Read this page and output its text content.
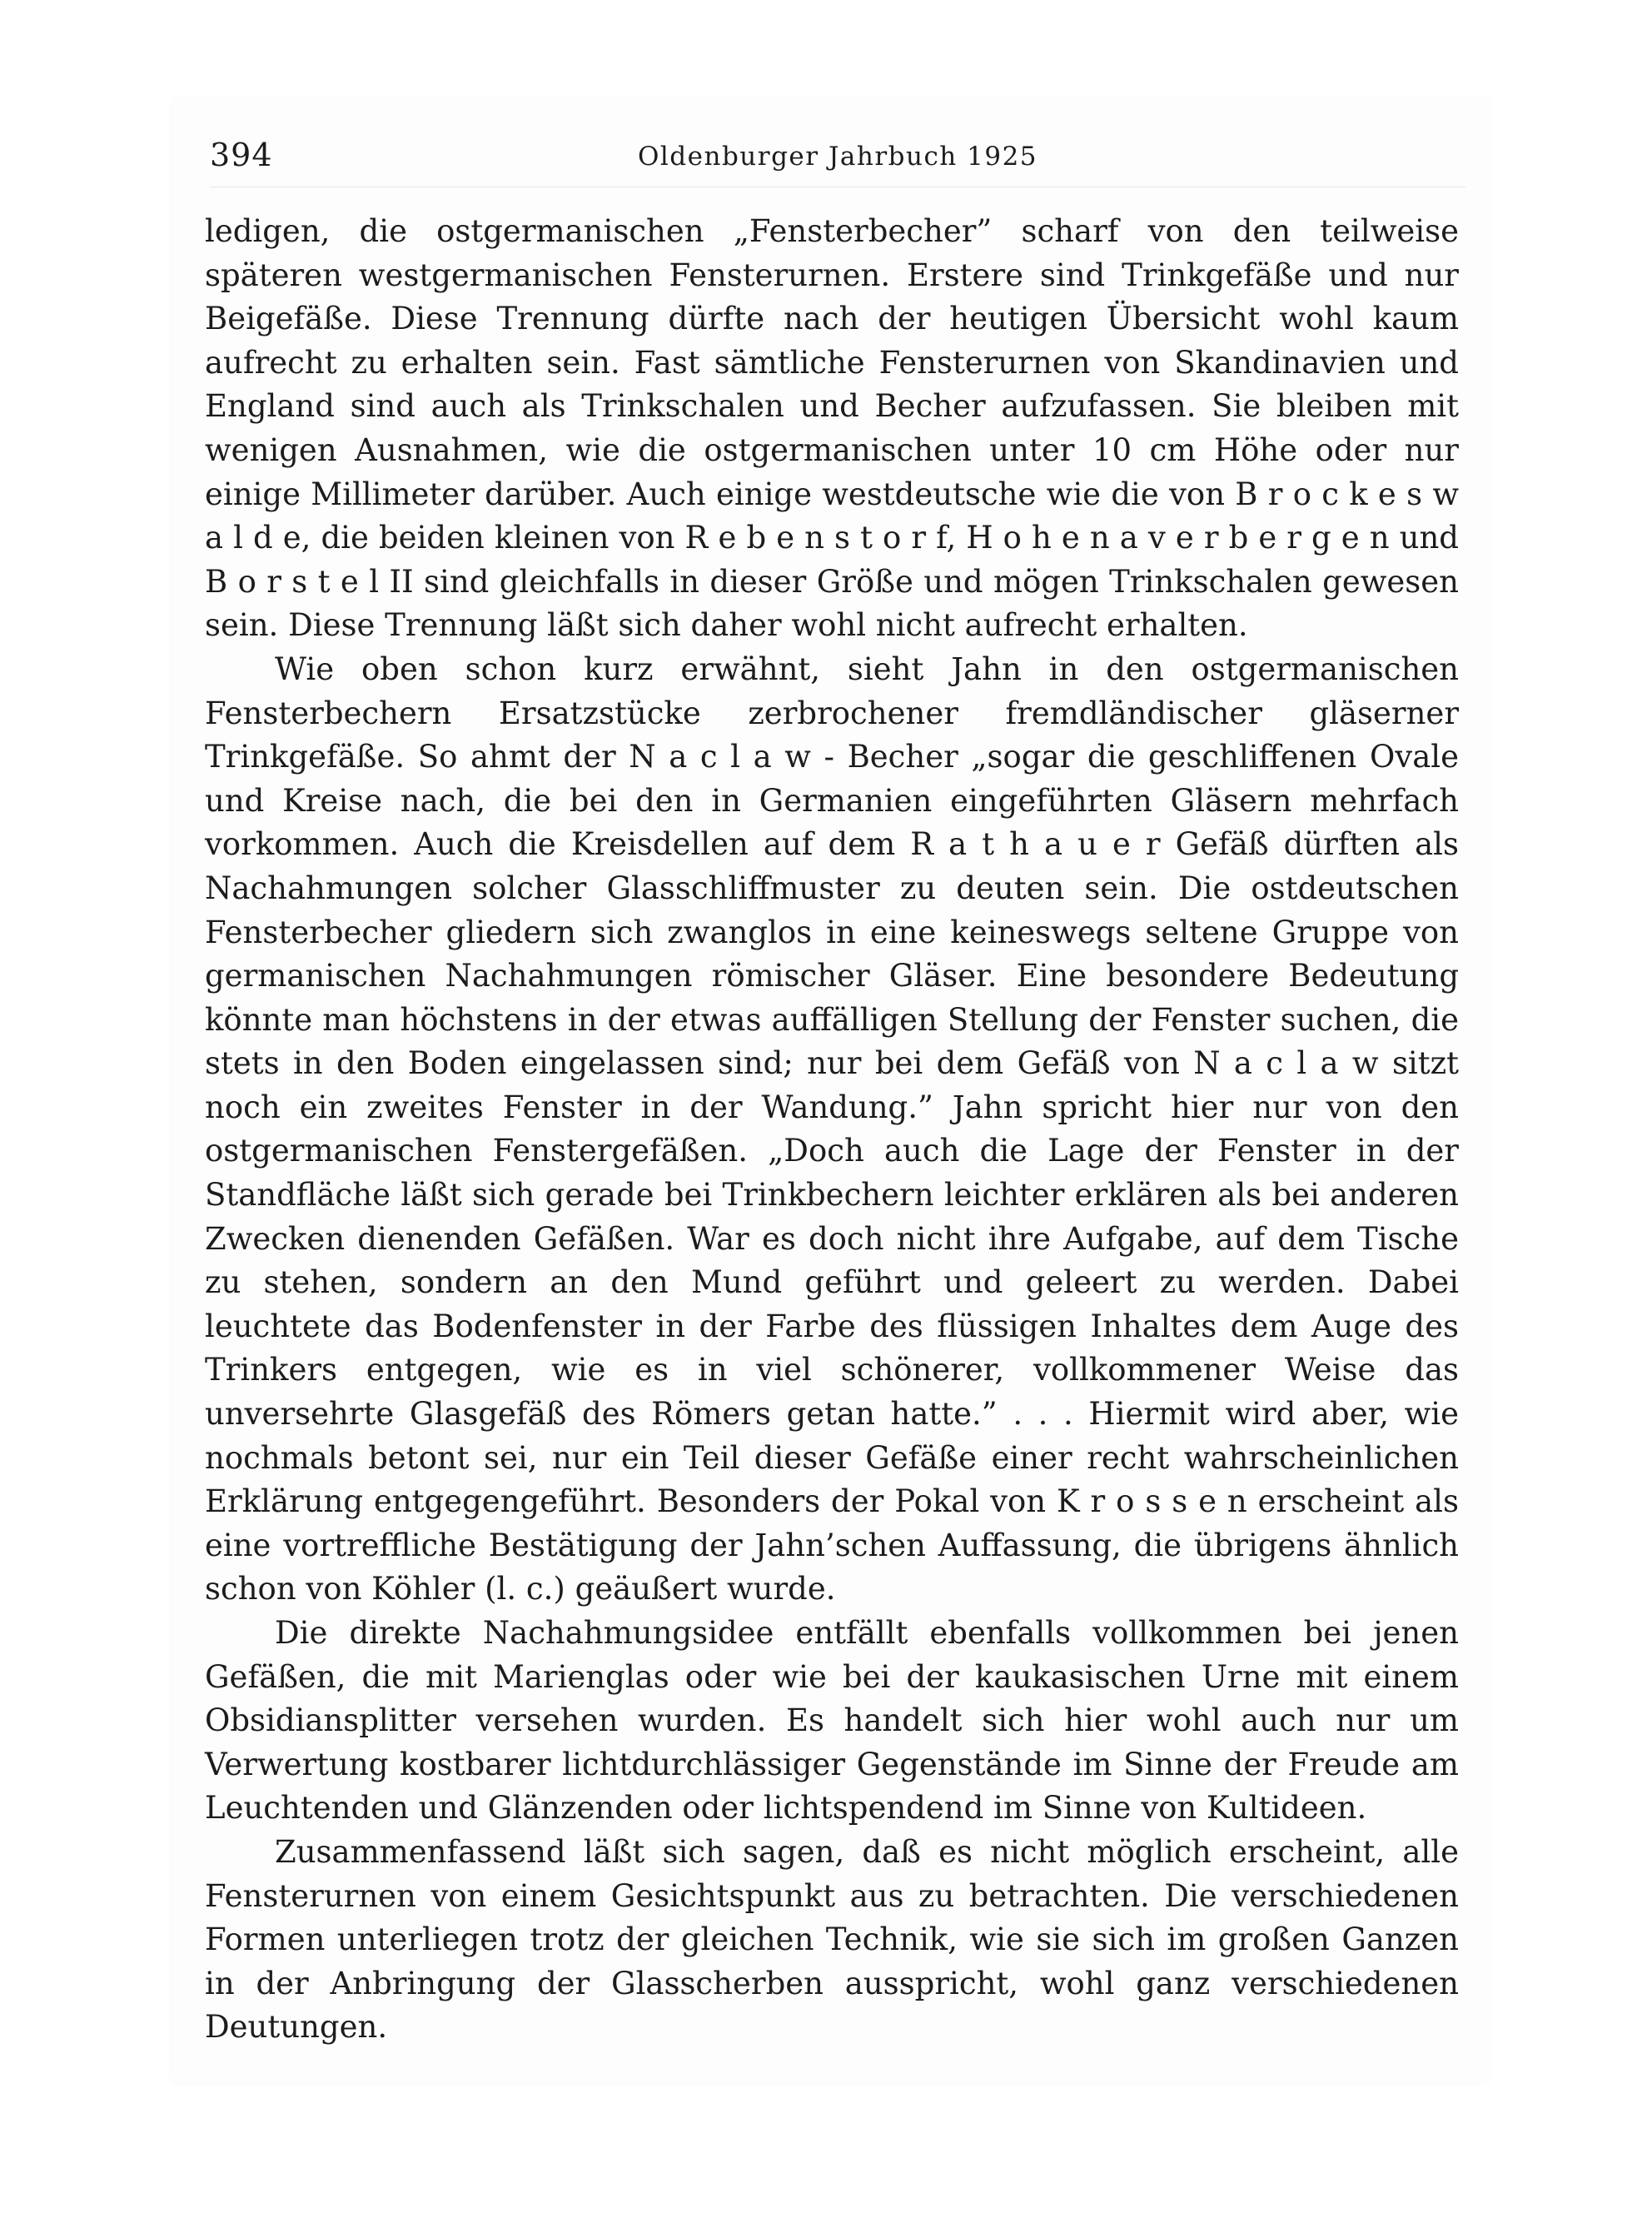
394	Oldenburger Jahrbuch 1925

ledigen, die ostgermanischen „Fensterbecher” scharf von den teilweise späteren westgermanischen Fensterurnen. Erstere sind Trinkgefäße und nur Beigefäße. Diese Trennung dürfte nach der heutigen Übersicht wohl kaum aufrecht zu erhalten sein. Fast sämtliche Fensterurnen von Skandinavien und England sind auch als Trinkschalen und Becher aufzufassen. Sie bleiben mit wenigen Ausnahmen, wie die ostgermanischen unter 10 cm Höhe oder nur einige Millimeter darüber. Auch einige westdeutsche wie die von B r o c k e s w a l d e, die beiden kleinen von R e b e n s t o r f, H o h e n a v e r b e r g e n und B o r s t e l II sind gleichfalls in dieser Größe und mögen Trinkschalen gewesen sein. Diese Trennung läßt sich daher wohl nicht aufrecht erhalten.

Wie oben schon kurz erwähnt, sieht Jahn in den ostgermanischen Fensterbechern Ersatzstücke zerbrochener fremdländischer gläserner Trinkgefäße. So ahmt der N a c l a w - Becher „sogar die geschliffenen Ovale und Kreise nach, die bei den in Germanien eingeführten Gläsern mehrfach vorkommen. Auch die Kreisdellen auf dem R a t h a u e r Gefäß dürften als Nachahmungen solcher Glasschliffmuster zu deuten sein. Die ostdeutschen Fensterbecher gliedern sich zwanglos in eine keineswegs seltene Gruppe von germanischen Nachahmungen römischer Gläser. Eine besondere Bedeutung könnte man höchstens in der etwas auffälligen Stellung der Fenster suchen, die stets in den Boden eingelassen sind; nur bei dem Gefäß von N a c l a w sitzt noch ein zweites Fenster in der Wandung.” Jahn spricht hier nur von den ostgermanischen Fenstergefäßen. „Doch auch die Lage der Fenster in der Standfläche läßt sich gerade bei Trinkbechern leichter erklären als bei anderen Zwecken dienenden Gefäßen. War es doch nicht ihre Aufgabe, auf dem Tische zu stehen, sondern an den Mund geführt und geleert zu werden. Dabei leuchtete das Bodenfenster in der Farbe des flüssigen Inhaltes dem Auge des Trinkers entgegen, wie es in viel schönerer, vollkommener Weise das unversehrte Glasgefäß des Römers getan hatte.” . . . Hiermit wird aber, wie nochmals betont sei, nur ein Teil dieser Gefäße einer recht wahrscheinlichen Erklärung entgegengeführt. Besonders der Pokal von K r o s s e n erscheint als eine vortreffliche Bestätigung der Jahn’schen Auffassung, die übrigens ähnlich schon von Köhler (l. c.) geäußert wurde.

Die direkte Nachahmungsidee entfällt ebenfalls vollkommen bei jenen Gefäßen, die mit Marienglas oder wie bei der kaukasischen Urne mit einem Obsidiansplitter versehen wurden. Es handelt sich hier wohl auch nur um Verwertung kostbarer lichtdurchlässiger Gegenstände im Sinne der Freude am Leuchtenden und Glänzenden oder lichtspendend im Sinne von Kultideen.

Zusammenfassend läßt sich sagen, daß es nicht möglich erscheint, alle Fensterurnen von einem Gesichtspunkt aus zu betrachten. Die verschiedenen Formen unterliegen trotz der gleichen Technik, wie sie sich im großen Ganzen in der Anbringung der Glasscherben ausspricht, wohl ganz verschiedenen Deutungen.
